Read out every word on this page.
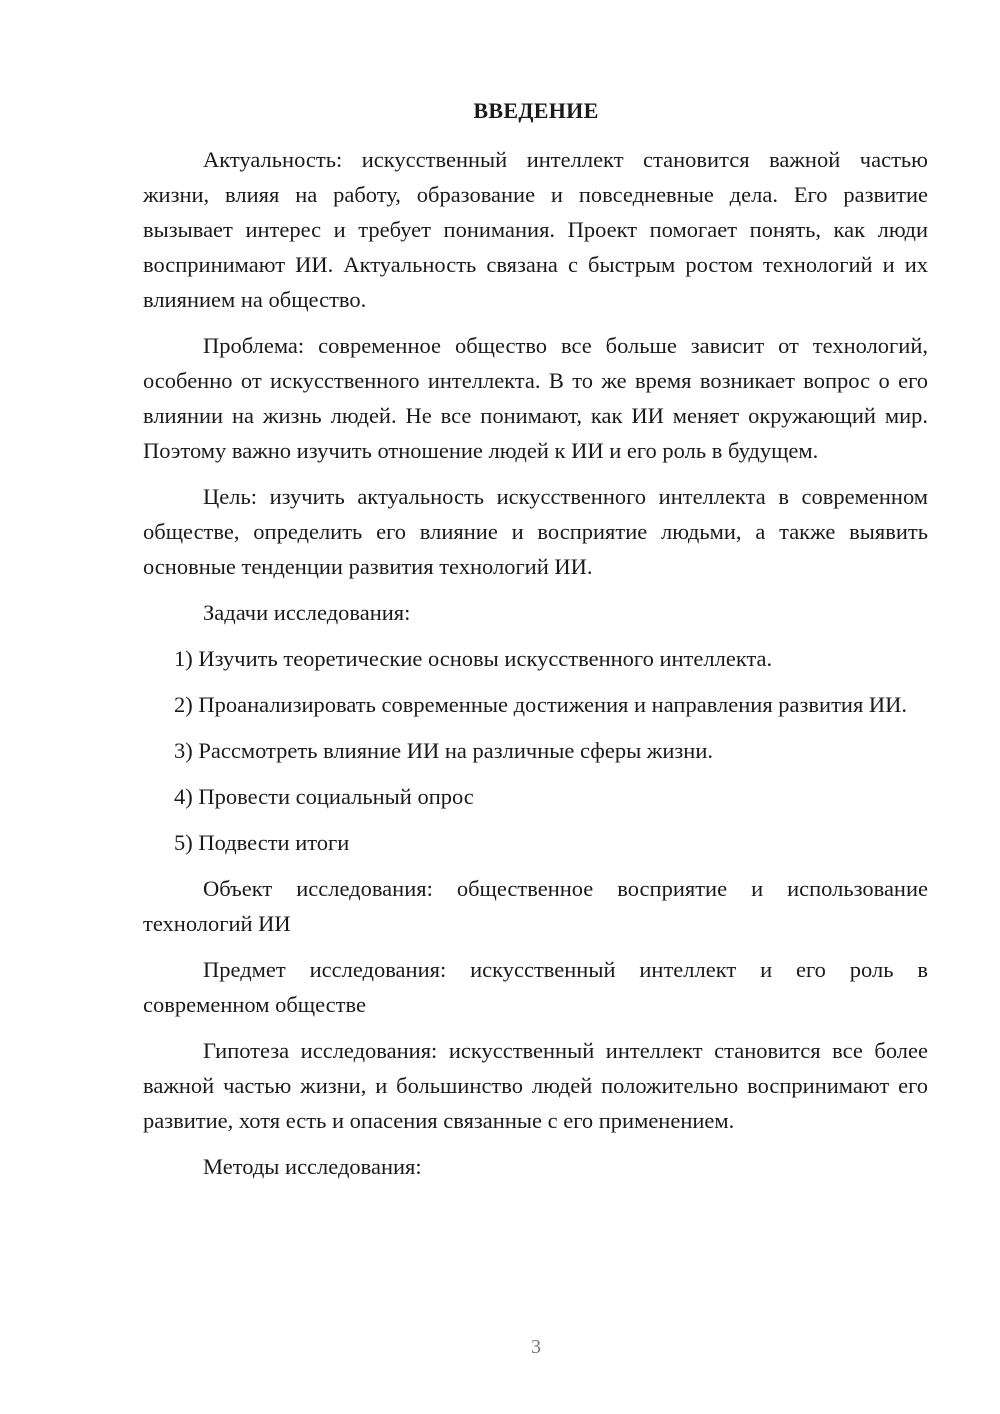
ВВЕДЕНИЕ

Актуальность: искусственный интеллект становится важной частью жизни, влияя на работу, образование и повседневные дела. Его развитие вызывает интерес и требует понимания. Проект помогает понять, как люди воспринимают ИИ. Актуальность связана с быстрым ростом технологий и их влиянием на общество.

Проблема: современное общество все больше зависит от технологий, особенно от искусственного интеллекта. В то же время возникает вопрос о его влиянии на жизнь людей. Не все понимают, как ИИ меняет окружающий мир. Поэтому важно изучить отношение людей к ИИ и его роль в будущем.

Цель: изучить актуальность искусственного интеллекта в современном обществе, определить его влияние и восприятие людьми, а также выявить основные тенденции развития технологий ИИ.

Задачи исследования:

1) Изучить теоретические основы искусственного интеллекта.

2) Проанализировать современные достижения и направления развития ИИ.

3) Рассмотреть влияние ИИ на различные сферы жизни.

4) Провести социальный опрос

5) Подвести итоги

Объект исследования: общественное восприятие и использование технологий ИИ

Предмет исследования: искусственный интеллект и его роль в современном обществе

Гипотеза исследования: искусственный интеллект становится все более важной частью жизни, и большинство людей положительно воспринимают его развитие, хотя есть и опасения связанные с его применением.

Методы исследования:

3
